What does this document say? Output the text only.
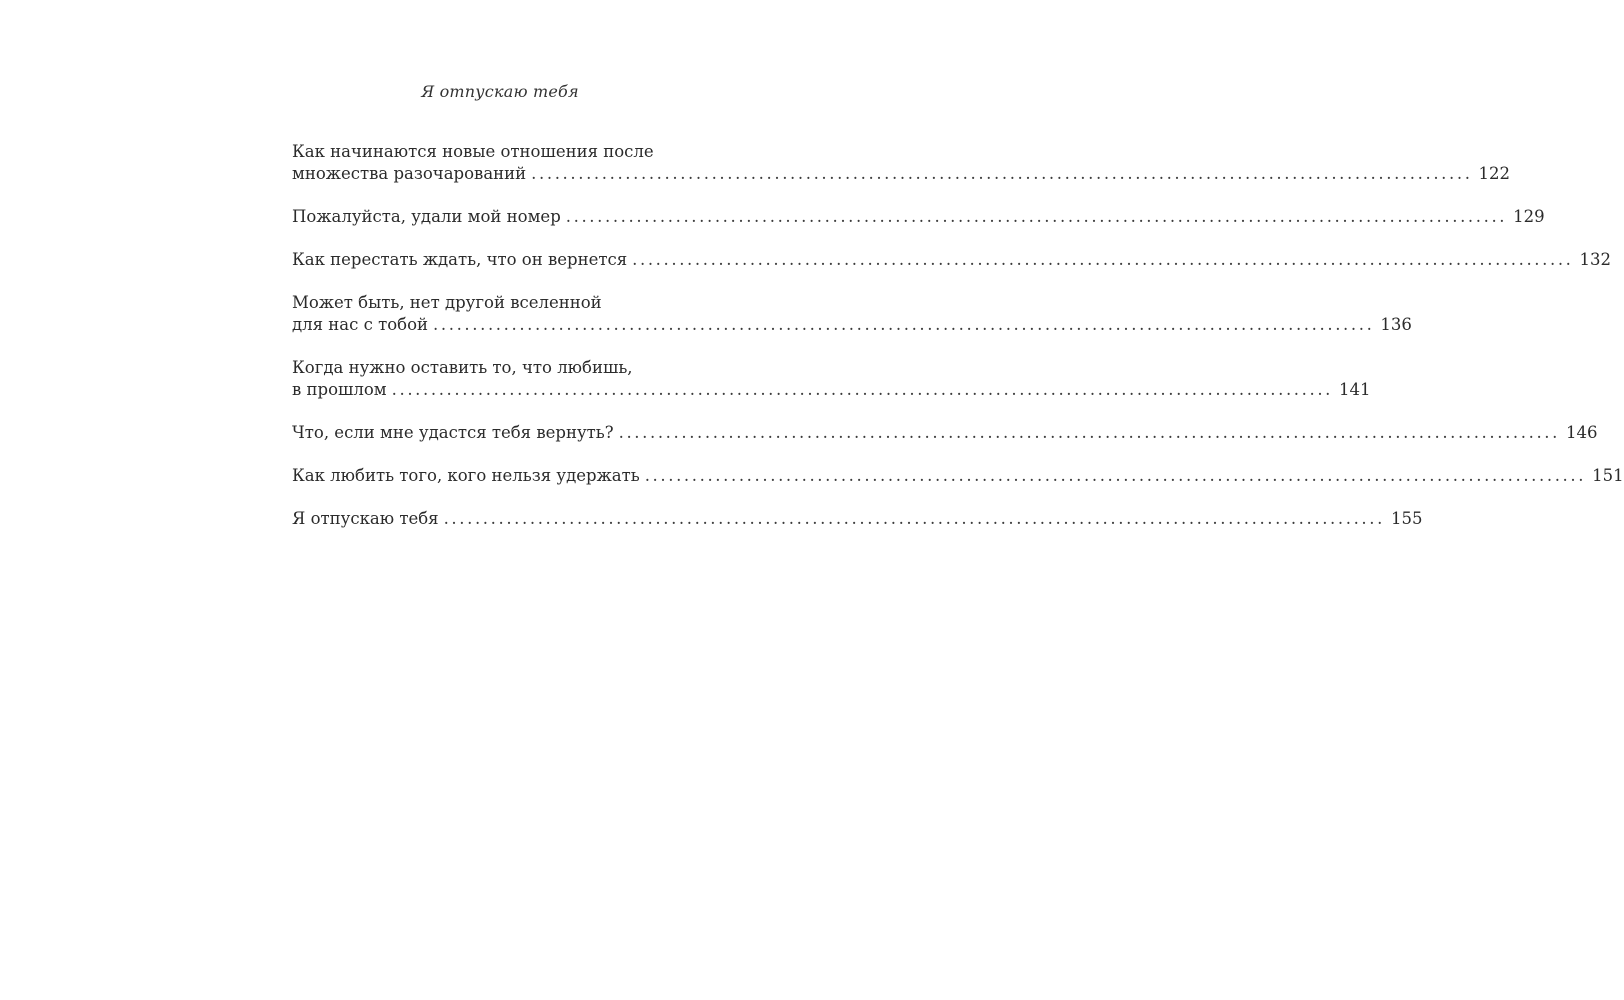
Я отпускаю тебя
Как начинаются новые отношения после
множества разочарований ........................................................................................................................ 122
Пожалуйста, удали мой номер ........................................................................................................................ 129
Как перестать ждать, что он вернется ........................................................................................................................ 132
Может быть, нет другой вселенной
для нас с тобой ........................................................................................................................ 136
Когда нужно оставить то, что любишь,
в прошлом ........................................................................................................................ 141
Что, если мне удастся тебя вернуть? ........................................................................................................................ 146
Как любить того, кого нельзя удержать ........................................................................................................................ 151
Я отпускаю тебя ........................................................................................................................ 155
